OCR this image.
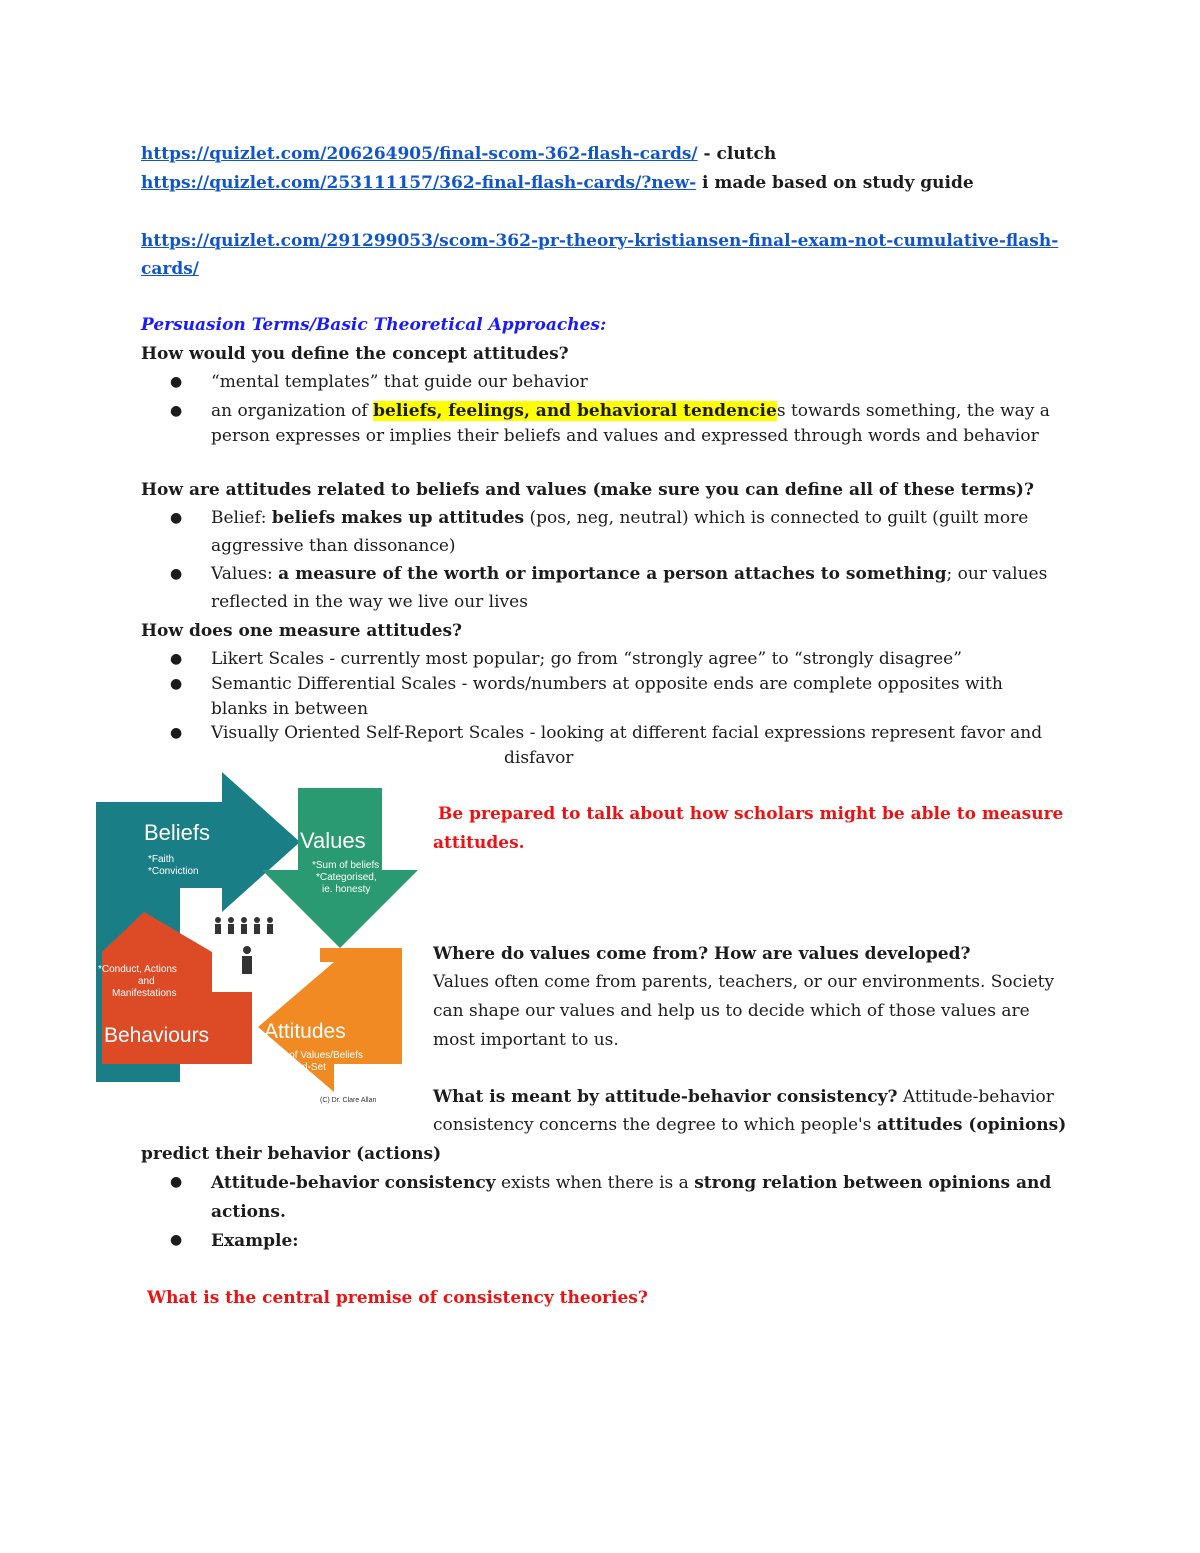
https://quizlet.com/206264905/final-scom-362-flash-cards/ - clutch
https://quizlet.com/253111157/362-final-flash-cards/?new- i made based on study guide
https://quizlet.com/291299053/scom-362-pr-theory-kristiansen-final-exam-not-cumulative-flash-
cards/
Persuasion Terms/Basic Theoretical Approaches:
How would you define the concept attitudes?
● “mental templates” that guide our behavior
● an organization of beliefs, feelings, and behavioral tendencies towards something, the way a
person expresses or implies their beliefs and values and expressed through words and behavior
How are attitudes related to beliefs and values (make sure you can define all of these terms)?
● Belief: beliefs makes up attitudes (pos, neg, neutral) which is connected to guilt (guilt more
aggressive than dissonance)
● Values: a measure of the worth or importance a person attaches to something; our values
reflected in the way we live our lives
How does one measure attitudes?
● Likert Scales - currently most popular; go from “strongly agree” to “strongly disagree”
● Semantic Differential Scales - words/numbers at opposite ends are complete opposites with
blanks in between
● Visually Oriented Self-Report Scales - looking at different facial expressions represent favor and
disfavor
Beliefs
*Faith
*Conviction
Values
*Sum of beliefs
*Categorised,
ie. honesty
*Conduct, Actions
and
Manifestations
Behaviours	Attitudes
*Sum of Values/Beliefs
*Mind-Set
(C) Dr. Clare Allan
Be prepared to talk about how scholars might be able to measure
attitudes.
Where do values come from? How are values developed?
Values often come from parents, teachers, or our environments. Society
can shape our values and help us to decide which of those values are
most important to us.
What is meant by attitude-behavior consistency? Attitude-behavior
consistency concerns the degree to which people's attitudes (opinions)
predict their behavior (actions)
● Attitude-behavior consistency exists when there is a strong relation between opinions and
actions.
● Example:
What is the central premise of consistency theories?
